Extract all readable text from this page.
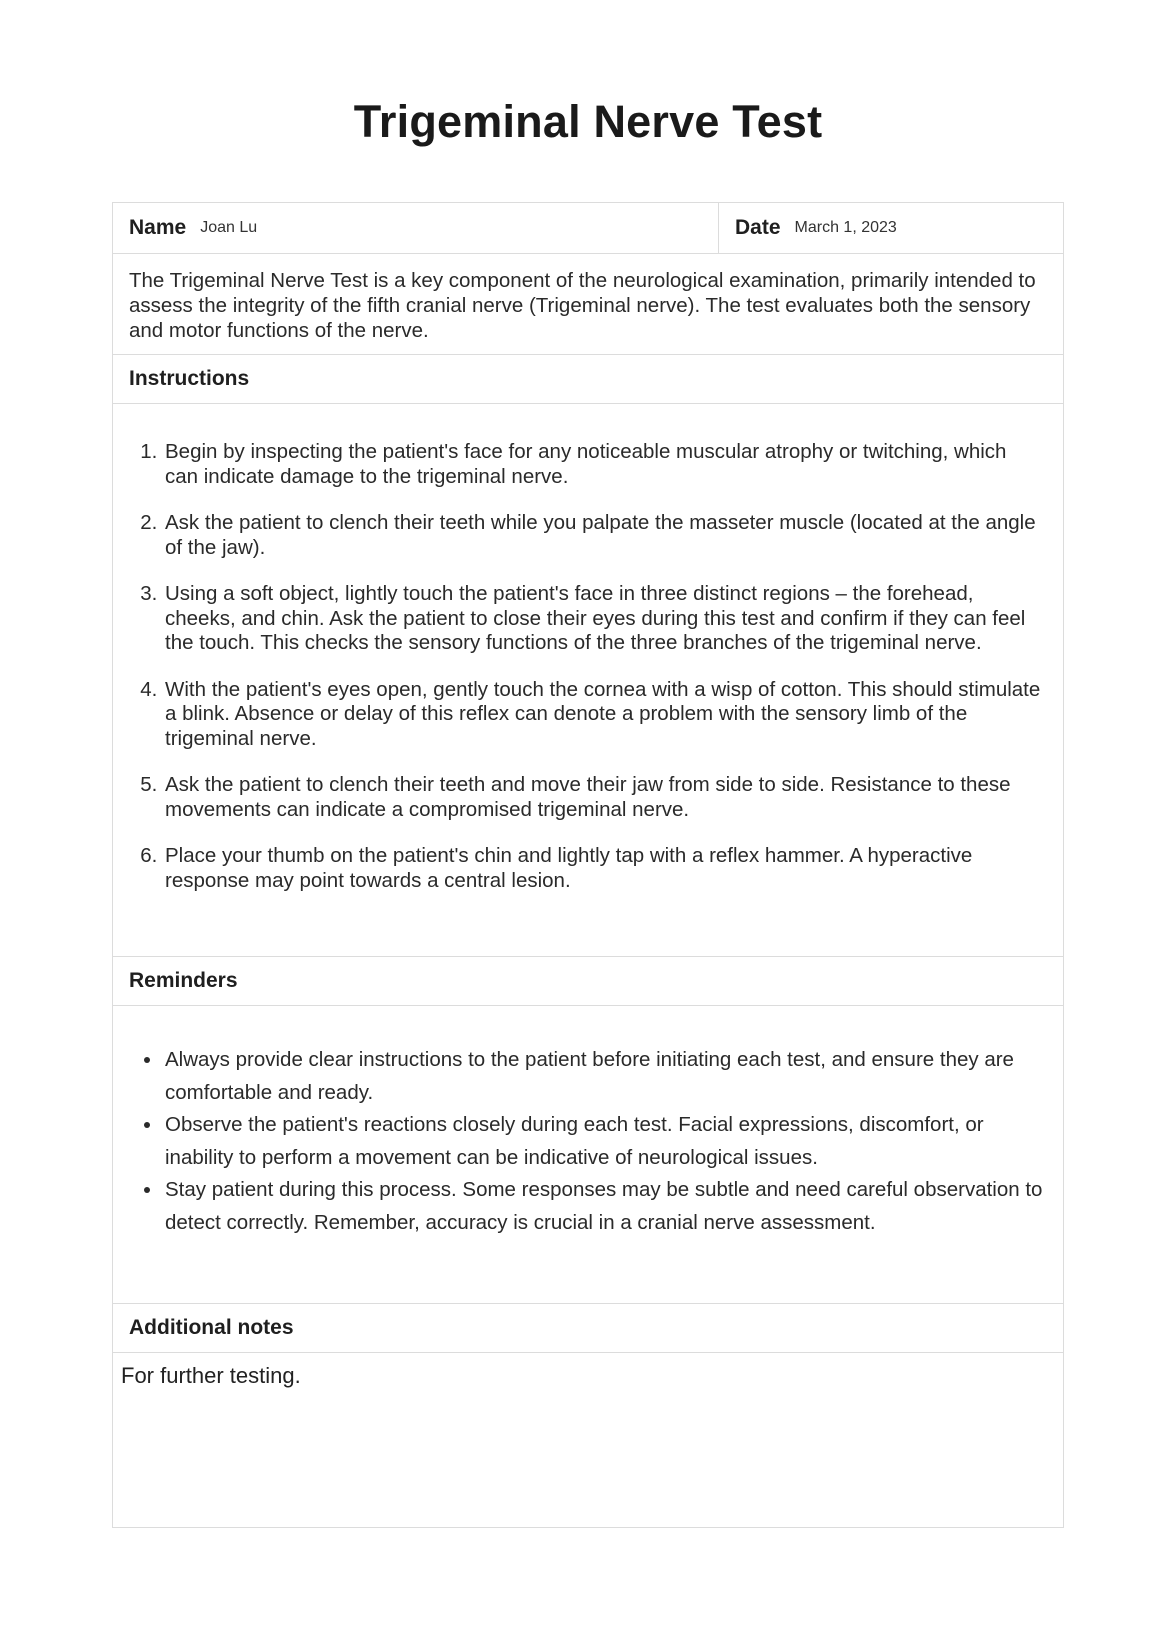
Trigeminal Nerve Test
Name Joan Lu	Date March 1, 2023
The Trigeminal Nerve Test is a key component of the neurological examination, primarily intended to assess the integrity of the fifth cranial nerve (Trigeminal nerve). The test evaluates both the sensory and motor functions of the nerve.
Instructions
1. Begin by inspecting the patient's face for any noticeable muscular atrophy or twitching, which can indicate damage to the trigeminal nerve.
2. Ask the patient to clench their teeth while you palpate the masseter muscle (located at the angle of the jaw).
3. Using a soft object, lightly touch the patient's face in three distinct regions – the forehead, cheeks, and chin. Ask the patient to close their eyes during this test and confirm if they can feel the touch. This checks the sensory functions of the three branches of the trigeminal nerve.
4. With the patient's eyes open, gently touch the cornea with a wisp of cotton. This should stimulate a blink. Absence or delay of this reflex can denote a problem with the sensory limb of the trigeminal nerve.
5. Ask the patient to clench their teeth and move their jaw from side to side. Resistance to these movements can indicate a compromised trigeminal nerve.
6. Place your thumb on the patient's chin and lightly tap with a reflex hammer. A hyperactive response may point towards a central lesion.
Reminders
• Always provide clear instructions to the patient before initiating each test, and ensure they are comfortable and ready.
• Observe the patient's reactions closely during each test. Facial expressions, discomfort, or inability to perform a movement can be indicative of neurological issues.
• Stay patient during this process. Some responses may be subtle and need careful observation to detect correctly. Remember, accuracy is crucial in a cranial nerve assessment.
Additional notes
For further testing.
